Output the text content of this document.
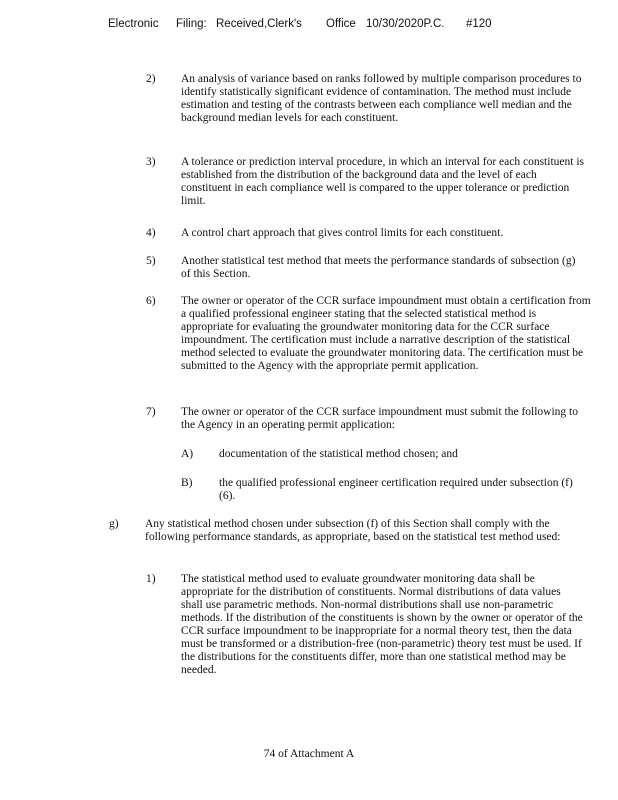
Electronic Filing: Received,Clerk's Office 10/30/2020P.C. #120
2) An analysis of variance based on ranks followed by multiple comparison procedures to identify statistically significant evidence of contamination. The method must include estimation and testing of the contrasts between each compliance well median and the background median levels for each constituent.

3) A tolerance or prediction interval procedure, in which an interval for each constituent is established from the distribution of the background data and the level of each constituent in each compliance well is compared to the upper tolerance or prediction limit.

4) A control chart approach that gives control limits for each constituent.

5) Another statistical test method that meets the performance standards of subsection (g) of this Section.

6) The owner or operator of the CCR surface impoundment must obtain a certification from a qualified professional engineer stating that the selected statistical method is appropriate for evaluating the groundwater monitoring data for the CCR surface impoundment. The certification must include a narrative description of the statistical method selected to evaluate the groundwater monitoring data. The certification must be submitted to the Agency with the appropriate permit application.

7) The owner or operator of the CCR surface impoundment must submit the following to the Agency in an operating permit application:

A) documentation of the statistical method chosen; and

B) the qualified professional engineer certification required under subsection (f)(6).

g) Any statistical method chosen under subsection (f) of this Section shall comply with the following performance standards, as appropriate, based on the statistical test method used:

1) The statistical method used to evaluate groundwater monitoring data shall be appropriate for the distribution of constituents. Normal distributions of data values shall use parametric methods. Non-normal distributions shall use non-parametric methods. If the distribution of the constituents is shown by the owner or operator of the CCR surface impoundment to be inappropriate for a normal theory test, then the data must be transformed or a distribution-free (non-parametric) theory test must be used. If the distributions for the constituents differ, more than one statistical method may be needed.

74 of Attachment A
